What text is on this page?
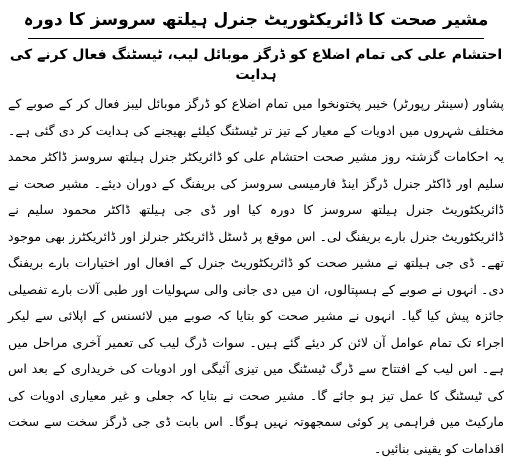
مشیر صحت کا ڈائریکٹوریٹ جنرل ہیلتھ سروسز کا دورہ
احتشام علی کی تمام اضلاع کو ڈرگز موبائل لیب، ٹیسٹنگ فعال کرنے کی ہدایت

پشاور (سینئر رپورٹر) خیبر پختونخوا میں تمام اضلاع کو ڈرگز موبائل لیبز فعال کر کے صوبے کے مختلف شہروں میں ادویات کے معیار کے تیز تر ٹیسٹنگ کیلئے بھیجنے کی ہدایت کر دی گئی ہے۔ یہ احکامات گزشتہ روز مشیر صحت احتشام علی کو ڈائریکٹر جنرل ہیلتھ سروسز ڈاکٹر محمد سلیم اور ڈاکٹر جنرل ڈرگز اینڈ فارمیسی سروسز کی بریفنگ کے دوران دیئے۔ مشیر صحت نے ڈائریکٹوریٹ جنرل ہیلتھ سروسز کا دورہ کیا اور ڈی جی ہیلتھ ڈاکٹر محمود سلیم نے ڈائریکٹوریٹ جنرل بارے بریفنگ لی۔ اس موقع پر ڈسٹل ڈائریکٹر جنرلز اور ڈائریکٹرز بھی موجود تھے۔ ڈی جی ہیلتھ نے مشیر صحت کو ڈائریکٹوریٹ جنرل کے افعال اور اختیارات بارے بریفنگ دی۔ انہوں نے صوبے کے ہسپتالوں، ان میں دی جانی والی سہولیات اور طبی آلات بارے تفصیلی جائزہ پیش کیا گیا۔ انہوں نے مشیر صحت کو بتایا کہ صوبے میں لائسنس کے اپلائی سے لیکر اجراء تک تمام عوامل آن لائن کر دیئے گئے ہیں۔ سوات ڈرگ لیب کی تعمیر آخری مراحل میں ہے۔ اس لیب کے افتتاح سے ڈرگ ٹیسٹنگ میں تیزی آئیگی اور ادویات کی خریداری کے بعد اس کی ٹیسٹنگ کا عمل تیز ہو جائے گا۔ مشیر صحت نے بتایا کہ جعلی و غیر معیاری ادویات کی مارکیٹ میں فراہمی پر کوئی سمجھوتہ نہیں ہوگا۔ اس بابت ڈی جی ڈرگز سخت سے سخت اقدامات کو یقینی بنائیں۔
